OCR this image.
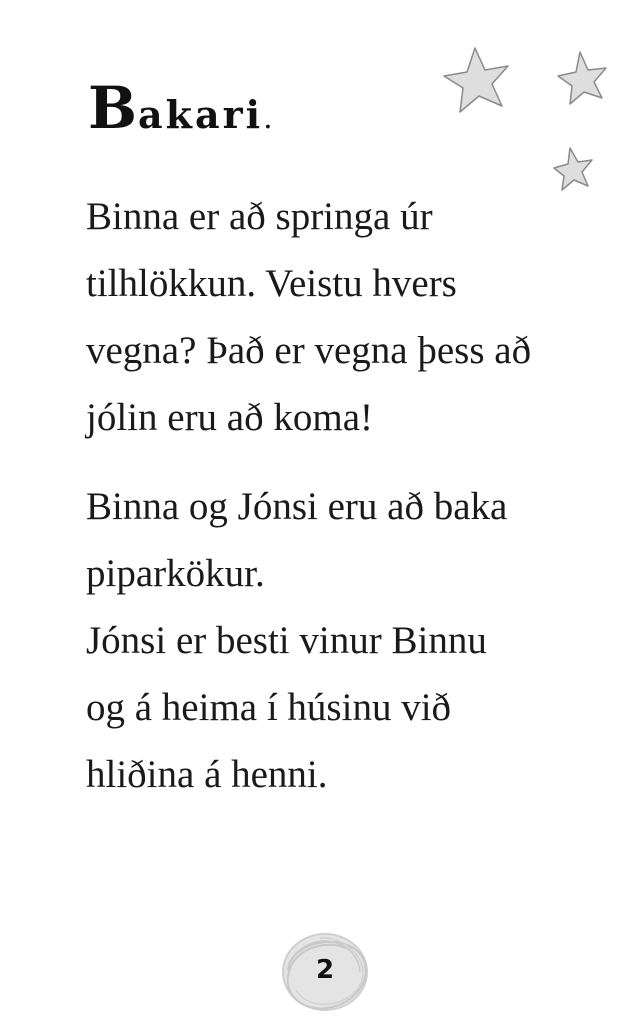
Bakari.

Binna er að springa úr
tilhlökkun. Veistu hvers
vegna? Það er vegna þess að
jólin eru að koma!

Binna og Jónsi eru að baka
piparkökur.

Jónsi er besti vinur Binnu
og á heima í húsinu við
hliðina á henni.

2
